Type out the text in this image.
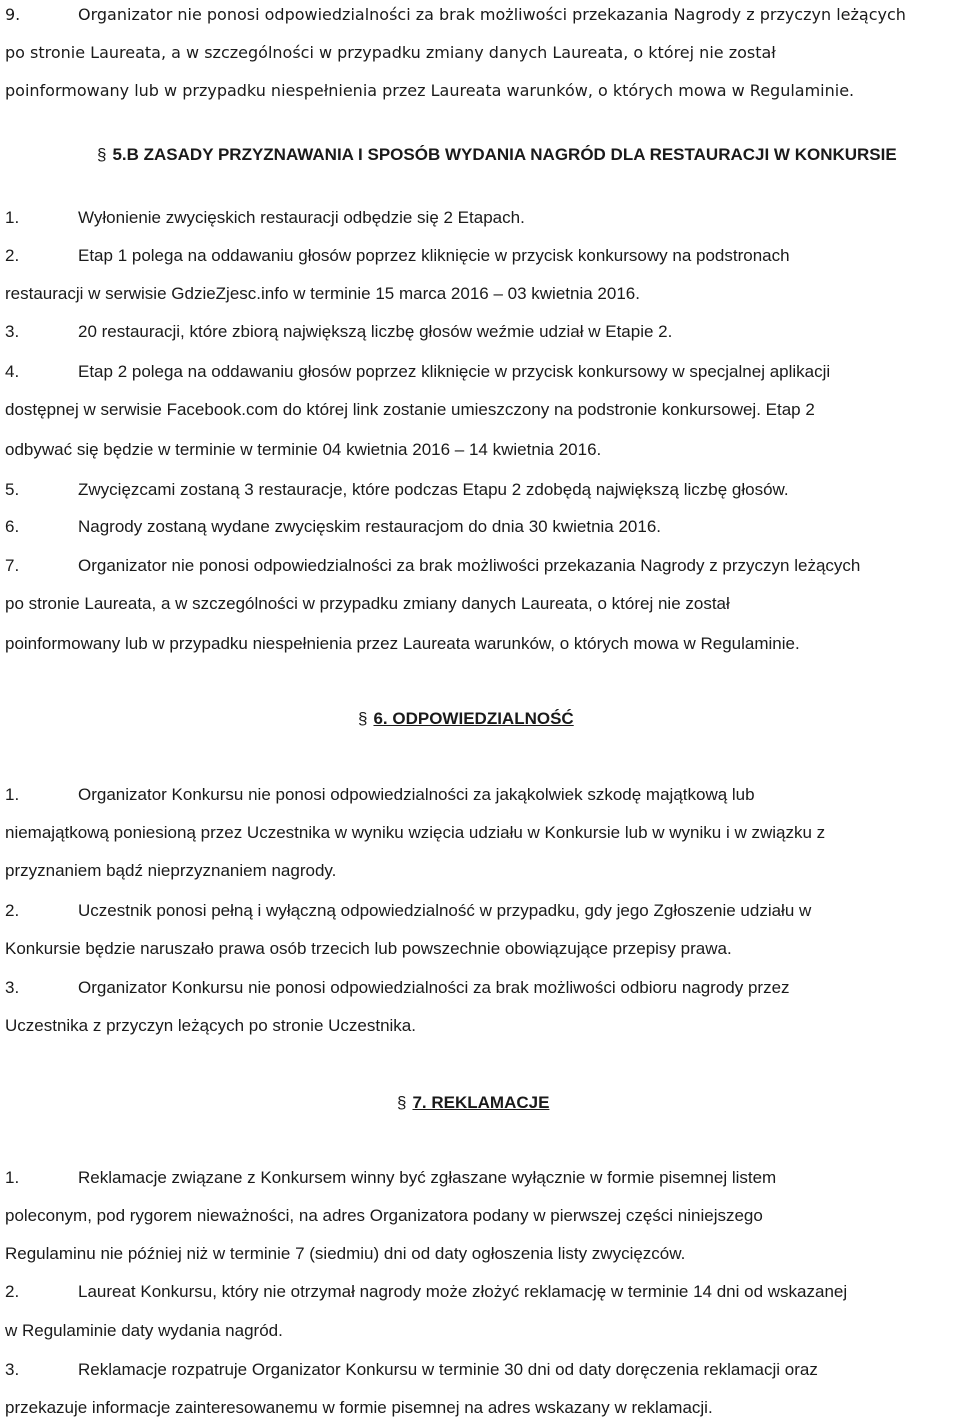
9.	Organizator nie ponosi odpowiedzialności za brak możliwości przekazania Nagrody z przyczyn leżących
po stronie Laureata, a w szczególności w przypadku zmiany danych Laureata, o której nie został
poinformowany lub w przypadku niespełnienia przez Laureata warunków, o których mowa w Regulaminie.
§ 5.B ZASADY PRZYZNAWANIA I SPOSÓB WYDANIA NAGRÓD DLA RESTAURACJI W KONKURSIE
1.	Wyłonienie zwycięskich restauracji odbędzie się 2 Etapach.
2.	Etap 1 polega na oddawaniu głosów poprzez kliknięcie w przycisk konkursowy na podstronach
restauracji w serwisie GdzieZjesc.info w terminie 15 marca 2016 – 03 kwietnia 2016.
3.	20 restauracji, które zbiorą największą liczbę głosów weźmie udział w Etapie 2.
4.	Etap 2 polega na oddawaniu głosów poprzez kliknięcie w przycisk konkursowy w specjalnej aplikacji
dostępnej w serwisie Facebook.com do której link zostanie umieszczony na podstronie konkursowej. Etap 2
odbywać się będzie w terminie w terminie 04 kwietnia 2016 – 14 kwietnia 2016.
5.	Zwycięzcami zostaną 3 restauracje, które podczas Etapu 2 zdobędą największą liczbę głosów.
6.	Nagrody zostaną wydane zwycięskim restauracjom do dnia 30 kwietnia 2016.
7.	Organizator nie ponosi odpowiedzialności za brak możliwości przekazania Nagrody z przyczyn leżących
po stronie Laureata, a w szczególności w przypadku zmiany danych Laureata, o której nie został
poinformowany lub w przypadku niespełnienia przez Laureata warunków, o których mowa w Regulaminie.
§ 6. ODPOWIEDZIALNOŚĆ
1.	Organizator Konkursu nie ponosi odpowiedzialności za jakąkolwiek szkodę majątkową lub
niemajątkową poniesioną przez Uczestnika w wyniku wzięcia udziału w Konkursie lub w wyniku i w związku z
przyznaniem bądź nieprzyznaniem nagrody.
2.	Uczestnik ponosi pełną i wyłączną odpowiedzialność w przypadku, gdy jego Zgłoszenie udziału w
Konkursie będzie naruszało prawa osób trzecich lub powszechnie obowiązujące przepisy prawa.
3.	Organizator Konkursu nie ponosi odpowiedzialności za brak możliwości odbioru nagrody przez
Uczestnika z przyczyn leżących po stronie Uczestnika.
§ 7. REKLAMACJE
1.	Reklamacje związane z Konkursem winny być zgłaszane wyłącznie w formie pisemnej listem
poleconym, pod rygorem nieważności, na adres Organizatora podany w pierwszej części niniejszego
Regulaminu nie później niż w terminie 7 (siedmiu) dni od daty ogłoszenia listy zwycięzców.
2.	Laureat Konkursu, który nie otrzymał nagrody może złożyć reklamację w terminie 14 dni od wskazanej
w Regulaminie daty wydania nagród.
3.	Reklamacje rozpatruje Organizator Konkursu w terminie 30 dni od daty doręczenia reklamacji oraz
przekazuje informacje zainteresowanemu w formie pisemnej na adres wskazany w reklamacji.
